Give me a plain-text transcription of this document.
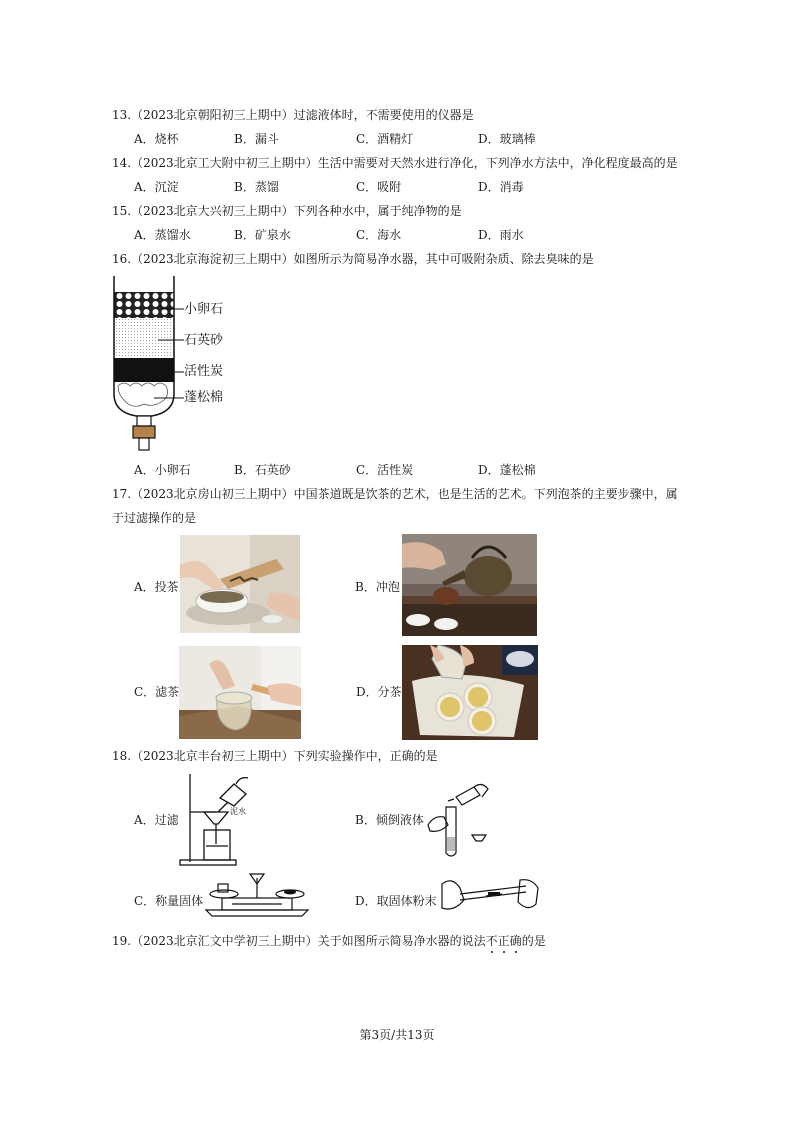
13.（2023北京朝阳初三上期中）过滤液体时，不需要使用的仪器是
A．烧杯	B．漏斗	C．酒精灯	D．玻璃棒
14.（2023北京工大附中初三上期中）生活中需要对天然水进行净化，下列净水方法中，净化程度最高的是
A．沉淀	B．蒸馏	C．吸附	D．消毒
15.（2023北京大兴初三上期中）下列各种水中，属于纯净物的是
A．蒸馏水	B．矿泉水	C．海水	D．雨水
16.（2023北京海淀初三上期中）如图所示为简易净水器，其中可吸附杂质、除去臭味的是
小卵石
石英砂
活性炭
蓬松棉
A．小卵石	B．石英砂	C．活性炭	D．蓬松棉
17.（2023北京房山初三上期中）中国茶道既是饮茶的艺术，也是生活的艺术。下列泡茶的主要步骤中，属
于过滤操作的是
A．投茶	B．冲泡
C．滤茶	D．分茶
18.（2023北京丰台初三上期中）下列实验操作中，正确的是
A．过滤
泥水
B．倾倒液体
C．称量固体	D．取固体粉末
19.（2023北京汇文中学初三上期中）关于如图所示简易净水器的说法不
正
确
的是
第3页/共13页
